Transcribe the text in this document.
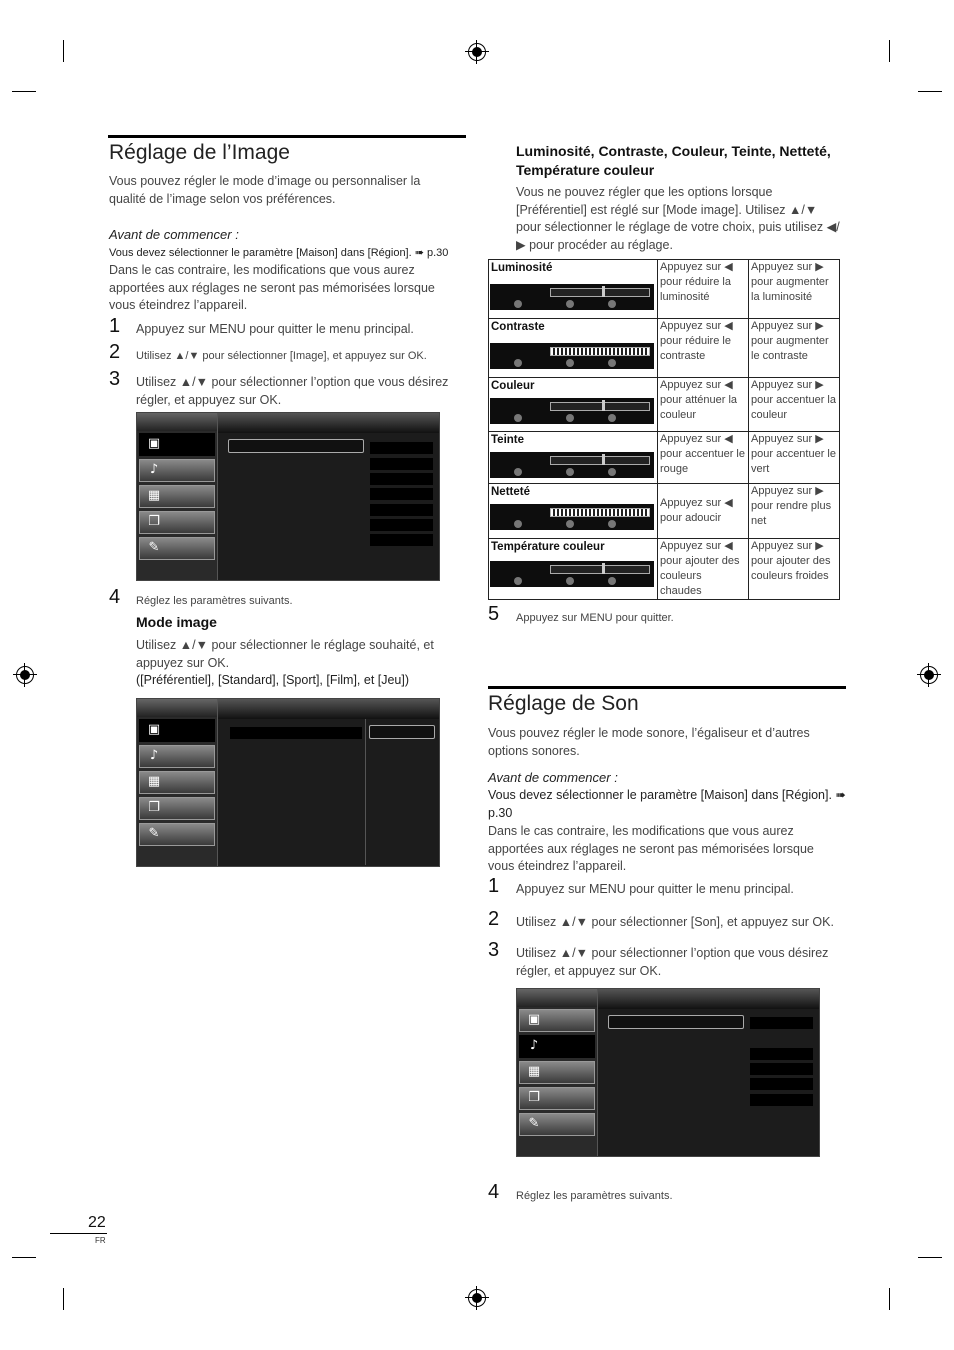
Réglage de l’Image
Vous pouvez régler le mode d’image ou personnaliser la qualité de l’image selon vos préférences.
Avant de commencer :
Vous devez sélectionner le paramètre [Maison] dans [Région]. ➠ p.30
Dans le cas contraire, les modifications que vous aurez apportées aux réglages ne seront pas mémorisées lorsque vous éteindrez l’appareil.
1 Appuyez sur MENU pour quitter le menu principal.
2 Utilisez ▲/▼ pour sélectionner [Image], et appuyez sur OK.
3 Utilisez ▲/▼ pour sélectionner l’option que vous désirez régler, et appuyez sur OK.
▣
♪
▦
❐
✎
4 Réglez les paramètres suivants.
Mode image
Utilisez ▲/▼ pour sélectionner le réglage souhaité, et appuyez sur OK.
([Préférentiel], [Standard], [Sport], [Film], et [Jeu])
▣
♪
▦
❐
✎
Luminosité, Contraste, Couleur, Teinte, Netteté, Température couleur
Vous ne pouvez régler que les options lorsque [Préférentiel] est réglé sur [Mode image]. Utilisez ▲/▼ pour sélectionner le réglage de votre choix, puis utilisez ◀/▶ pour procéder au réglage.
Luminosité	Appuyez sur ◀ pour réduire la luminosité	Appuyez sur ▶ pour augmenter la luminosité

Contraste	Appuyez sur ◀ pour réduire le contraste	Appuyez sur ▶ pour augmenter le contraste

Couleur	Appuyez sur ◀ pour atténuer la couleur	Appuyez sur ▶ pour accentuer la couleur

Teinte	Appuyez sur ◀ pour accentuer le rouge	Appuyez sur ▶ pour accentuer le vert

Netteté	Appuyez sur ◀ pour adoucir	Appuyez sur ▶ pour rendre plus net

Température couleur	Appuyez sur ◀ pour ajouter des couleurs chaudes	Appuyez sur ▶ pour ajouter des couleurs froides
5 Appuyez sur MENU pour quitter.
Réglage de Son
Vous pouvez régler le mode sonore, l’égaliseur et d’autres options sonores.
Avant de commencer :
Vous devez sélectionner le paramètre [Maison] dans [Région]. ➠ p.30
Dans le cas contraire, les modifications que vous aurez apportées aux réglages ne seront pas mémorisées lorsque vous éteindrez l’appareil.
1 Appuyez sur MENU pour quitter le menu principal.
2 Utilisez ▲/▼ pour sélectionner [Son], et appuyez sur OK.
3 Utilisez ▲/▼ pour sélectionner l’option que vous désirez régler, et appuyez sur OK.
▣
♪
▦
❐
✎
4 Réglez les paramètres suivants.
22
FR
